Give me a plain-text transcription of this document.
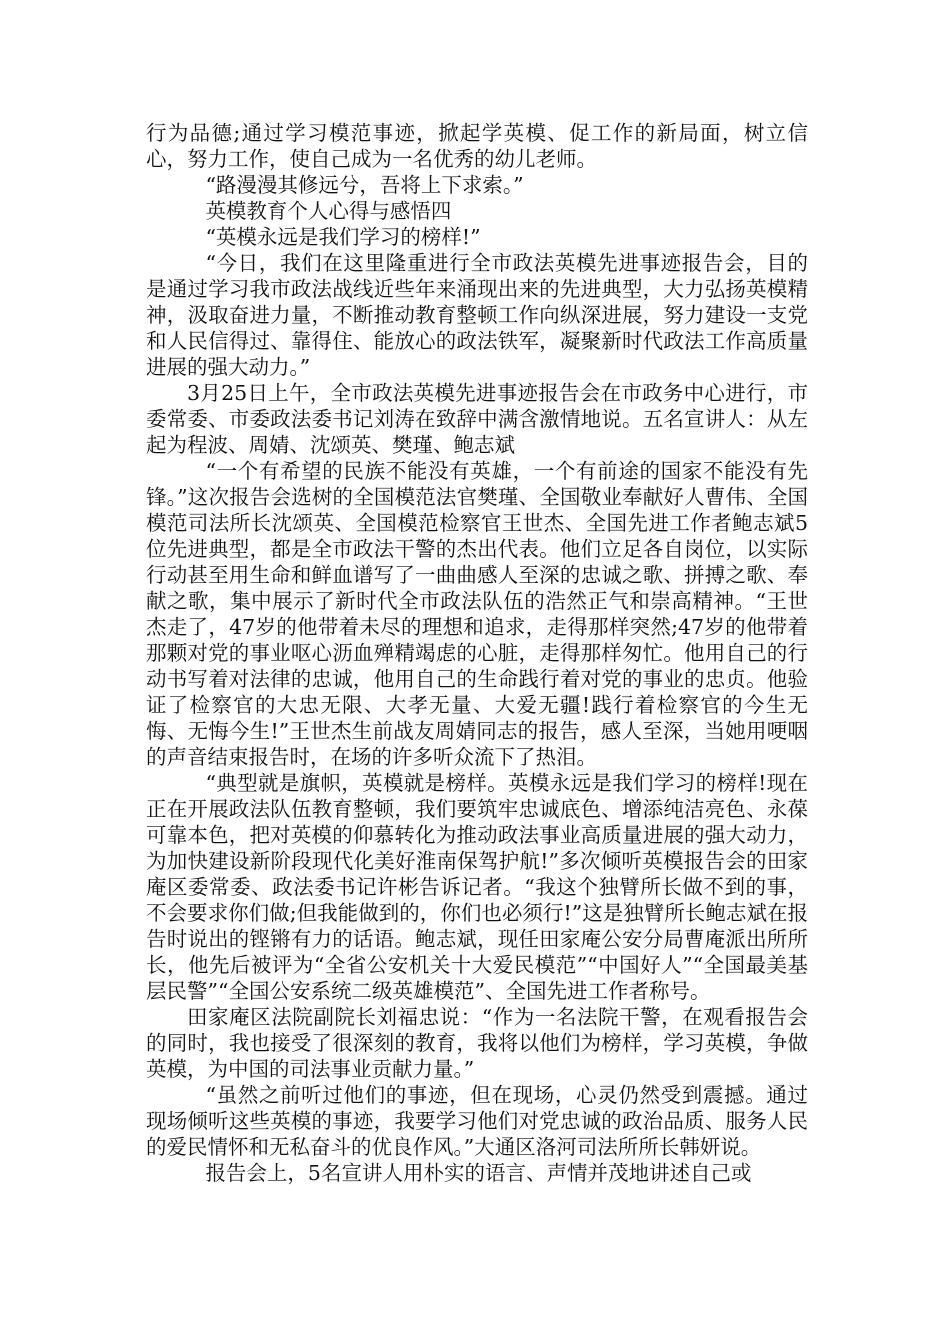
行为品德;通过学习模范事迹，掀起学英模、促工作的新局面，树立信心，努力工作，使自己成为一名优秀的幼儿老师。

“路漫漫其修远兮，吾将上下求索。”

英模教育个人心得与感悟四

“英模永远是我们学习的榜样!”

“今日，我们在这里隆重进行全市政法英模先进事迹报告会，目的是通过学习我市政法战线近些年来涌现出来的先进典型，大力弘扬英模精神，汲取奋进力量，不断推动教育整顿工作向纵深进展，努力建设一支党和人民信得过、靠得住、能放心的政法铁军，凝聚新时代政法工作高质量进展的强大动力。”

3月25日上午，全市政法英模先进事迹报告会在市政务中心进行，市委常委、市委政法委书记刘涛在致辞中满含激情地说。五名宣讲人：从左起为程波、周婧、沈颂英、樊瑾、鲍志斌

“一个有希望的民族不能没有英雄，一个有前途的国家不能没有先锋。”这次报告会选树的全国模范法官樊瑾、全国敬业奉献好人曹伟、全国模范司法所长沈颂英、全国模范检察官王世杰、全国先进工作者鲍志斌5位先进典型，都是全市政法干警的杰出代表。他们立足各自岗位，以实际行动甚至用生命和鲜血谱写了一曲曲感人至深的忠诚之歌、拼搏之歌、奉献之歌，集中展示了新时代全市政法队伍的浩然正气和崇高精神。“王世杰走了，47岁的他带着未尽的理想和追求，走得那样突然;47岁的他带着那颗对党的事业呕心沥血殚精竭虑的心脏，走得那样匆忙。他用自己的行动书写着对法律的忠诚，他用自己的生命践行着对党的事业的忠贞。他验证了检察官的大忠无限、大孝无量、大爱无疆!践行着检察官的今生无悔、无悔今生!”王世杰生前战友周婧同志的报告，感人至深，当她用哽咽的声音结束报告时，在场的许多听众流下了热泪。

“典型就是旗帜，英模就是榜样。英模永远是我们学习的榜样!现在正在开展政法队伍教育整顿，我们要筑牢忠诚底色、增添纯洁亮色、永葆可靠本色，把对英模的仰慕转化为推动政法事业高质量进展的强大动力，为加快建设新阶段现代化美好淮南保驾护航!”多次倾听英模报告会的田家庵区委常委、政法委书记许彬告诉记者。“我这个独臂所长做不到的事，不会要求你们做;但我能做到的，你们也必须行!”这是独臂所长鲍志斌在报告时说出的铿锵有力的话语。鲍志斌，现任田家庵公安分局曹庵派出所所长，他先后被评为“全省公安机关十大爱民模范”“中国好人”“全国最美基层民警”“全国公安系统二级英雄模范”、全国先进工作者称号。

田家庵区法院副院长刘福忠说：“作为一名法院干警，在观看报告会的同时，我也接受了很深刻的教育，我将以他们为榜样，学习英模，争做英模，为中国的司法事业贡献力量。”

“虽然之前听过他们的事迹，但在现场，心灵仍然受到震撼。通过现场倾听这些英模的事迹，我要学习他们对党忠诚的政治品质、服务人民的爱民情怀和无私奋斗的优良作风。”大通区洛河司法所所长韩妍说。

报告会上，5名宣讲人用朴实的语言、声情并茂地讲述自己或
